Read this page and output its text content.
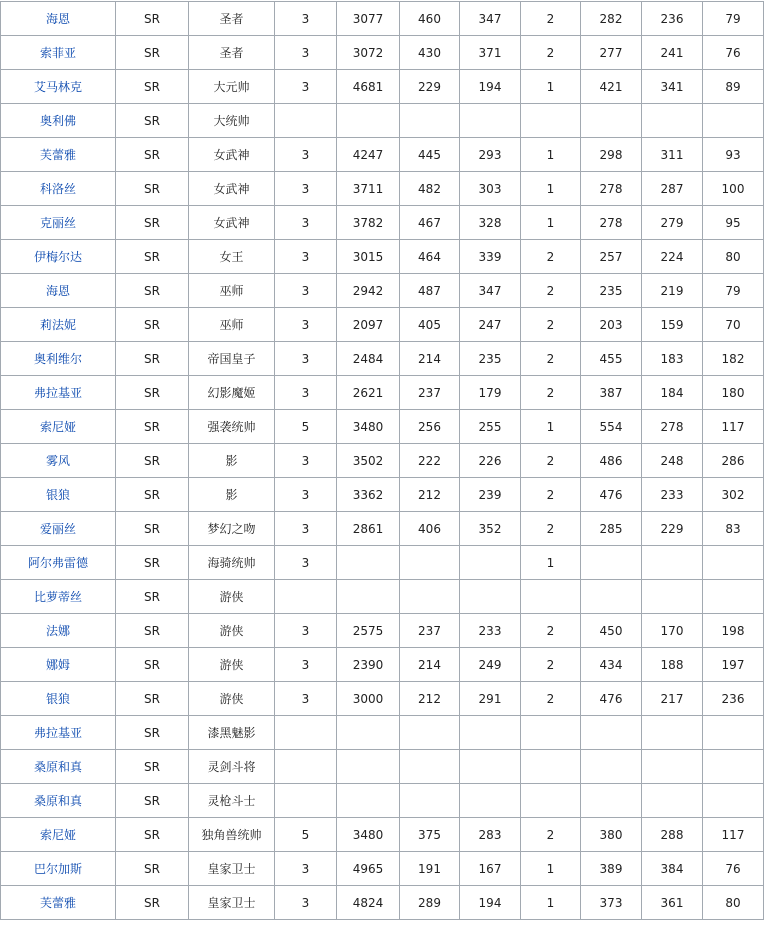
海恩	SR	圣者	3	3077	460	347	2	282	236	79
索菲亚	SR	圣者	3	3072	430	371	2	277	241	76
艾马林克	SR	大元帅	3	4681	229	194	1	421	341	89
奥利佛	SR	大统帅								
芙蕾雅	SR	女武神	3	4247	445	293	1	298	311	93
科洛丝	SR	女武神	3	3711	482	303	1	278	287	100
克丽丝	SR	女武神	3	3782	467	328	1	278	279	95
伊梅尔达	SR	女王	3	3015	464	339	2	257	224	80
海恩	SR	巫师	3	2942	487	347	2	235	219	79
莉法妮	SR	巫师	3	2097	405	247	2	203	159	70
奥利维尔	SR	帝国皇子	3	2484	214	235	2	455	183	182
弗拉基亚	SR	幻影魔姬	3	2621	237	179	2	387	184	180
索尼娅	SR	强袭统帅	5	3480	256	255	1	554	278	117
雾风	SR	影	3	3502	222	226	2	486	248	286
银狼	SR	影	3	3362	212	239	2	476	233	302
爱丽丝	SR	梦幻之吻	3	2861	406	352	2	285	229	83
阿尔弗雷德	SR	海骑统帅	3				1			
比萝蒂丝	SR	游侠								
法娜	SR	游侠	3	2575	237	233	2	450	170	198
娜姆	SR	游侠	3	2390	214	249	2	434	188	197
银狼	SR	游侠	3	3000	212	291	2	476	217	236
弗拉基亚	SR	漆黑魅影								
桑原和真	SR	灵剑斗将								
桑原和真	SR	灵枪斗士								
索尼娅	SR	独角兽统帅	5	3480	375	283	2	380	288	117
巴尔加斯	SR	皇家卫士	3	4965	191	167	1	389	384	76
芙蕾雅	SR	皇家卫士	3	4824	289	194	1	373	361	80
